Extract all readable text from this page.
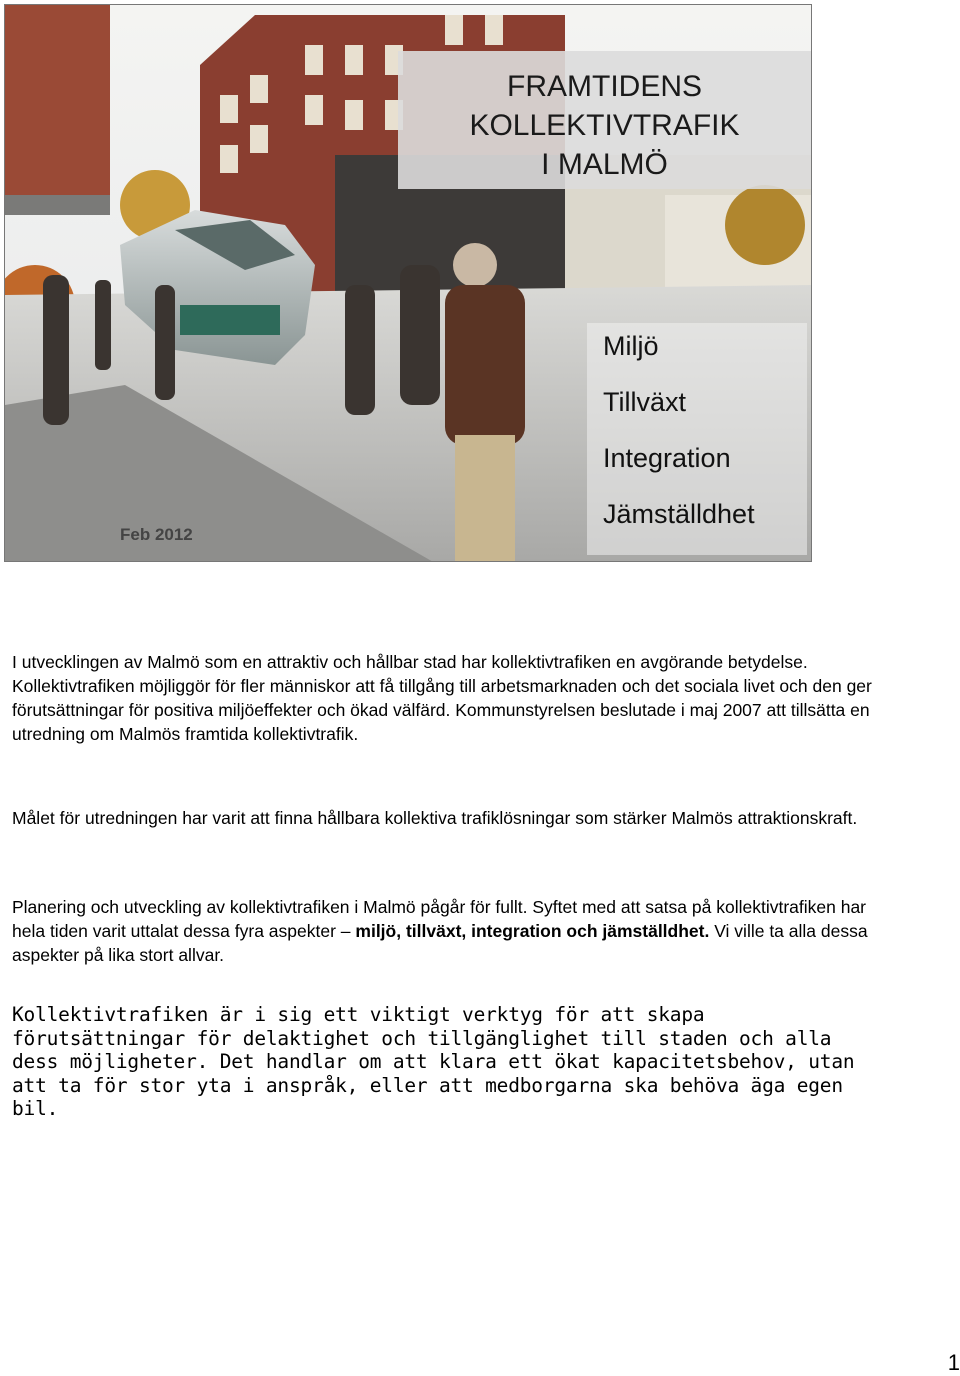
FRAMTIDENS
KOLLEKTIVTRAFIK
I MALMÖ
Miljö
Tillväxt
Integration
Jämställdhet
Feb 2012

I utvecklingen av Malmö som en attraktiv och hållbar stad har kollektivtrafiken en avgörande betydelse. Kollektivtrafiken möjliggör för fler människor att få tillgång till arbetsmarknaden och det sociala livet och den ger förutsättningar för positiva miljöeffekter och ökad välfärd. Kommunstyrelsen beslutade i maj 2007 att tillsätta en utredning om Malmös framtida kollektivtrafik.

Målet för utredningen har varit att finna hållbara kollektiva trafiklösningar som stärker Malmös attraktionskraft.

Planering och utveckling av kollektivtrafiken i Malmö pågår för fullt. Syftet med att satsa på kollektivtrafiken har hela tiden varit uttalat dessa fyra aspekter – miljö, tillväxt, integration och jämställdhet. Vi ville ta alla dessa aspekter på lika stort allvar.

Kollektivtrafiken är i sig ett viktigt verktyg för att skapa förutsättningar för delaktighet och tillgänglighet till staden och alla dess möjligheter. Det handlar om att klara ett ökat kapacitetsbehov, utan att ta för stor yta i anspråk, eller att medborgarna ska behöva äga egen bil.

1
